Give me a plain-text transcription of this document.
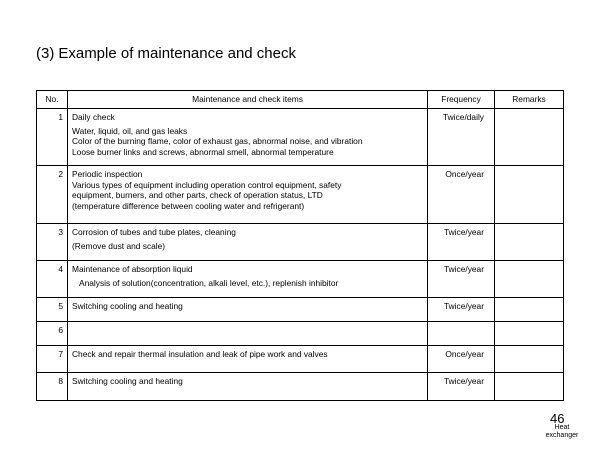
(3) Example of maintenance and check
No.	Maintenance and check items	Frequency	Remarks
1	Daily check
Water, liquid, oil, and gas leaks
Color of the burning flame, color of exhaust gas, abnormal noise, and vibration
Loose burner links and screws, abnormal smell, abnormal temperature	Twice/daily	
2	Periodic inspection
Various types of equipment including operation control equipment, safety
equipment, burners, and other parts, check of operation status, LTD
(temperature difference between cooling water and refrigerant)	Once/year	
3	Corrosion of tubes and tube plates, cleaning
(Remove dust and scale)	Twice/year	
4	Maintenance of absorption liquid
Analysis of solution(concentration, alkali level, etc.), replenish inhibitor	Twice/year	
5	Switching cooling and heating	Twice/year	
6	

7	Check and repair thermal insulation and leak of pipe work and valves	Once/year	
8	Switching cooling and heating	Twice/year	
46
Heat
exchanger
